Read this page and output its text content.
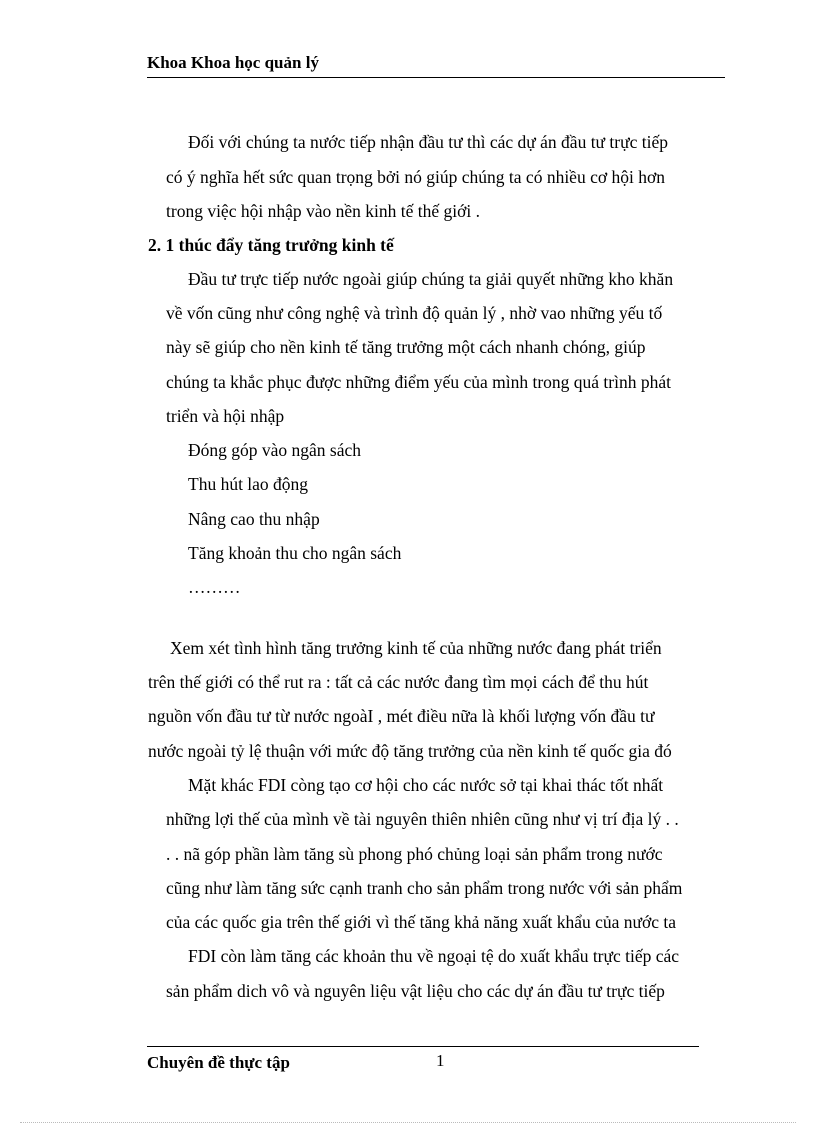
Khoa Khoa học quản lý
Đối với chúng ta nước tiếp nhận đầu tư thì các dự án đầu tư trực tiếp
có ý nghĩa hết sức quan trọng bởi nó giúp chúng ta có nhiều cơ hội hơn
trong việc hội nhập vào nền kinh tế thế giới .
2. 1 thúc đẩy tăng trưởng kinh tế
Đầu tư trực tiếp nước ngoài giúp chúng ta giải quyết những kho khăn
về vốn cũng như công nghệ và trình độ quản lý , nhờ vao những yếu tố
này sẽ giúp cho nền kinh tế tăng trưởng một cách nhanh chóng, giúp
chúng ta khắc phục được những điểm yếu của mình trong quá trình phát
triển và hội nhập
Đóng góp vào ngân sách
Thu hút lao động
Nâng cao thu nhập
Tăng khoản thu cho ngân sách
………
Xem xét tình hình tăng trưởng kinh tế của những nước đang phát triển
trên thế giới có thể rut ra : tất cả các nước đang tìm mọi cách để thu hút
nguồn vốn đầu tư từ nước ngoàI , mét điều nữa là khối lượng vốn đầu tư
nước ngoài tỷ lệ thuận với mức độ tăng trưởng của nền kinh tế quốc gia đó
Mặt khác FDI còng tạo cơ hội cho các nước sở tại khai thác tốt nhất
những lợi thế của mình về tài nguyên thiên nhiên cũng như vị trí địa lý . .
. . nã góp phần làm tăng sù phong phó chủng loại sản phẩm trong nước
cũng như làm tăng sức cạnh tranh cho sản phẩm trong nước với sản phẩm
của các quốc gia trên thế giới vì thế tăng khả năng xuất khẩu của nước ta
FDI còn làm tăng các khoản thu về ngoại tệ do xuất khẩu trực tiếp các
sản phẩm dich vô và nguyên liệu vật liệu cho các dự án đầu tư trực tiếp
Chuyên đề thực tập	1
